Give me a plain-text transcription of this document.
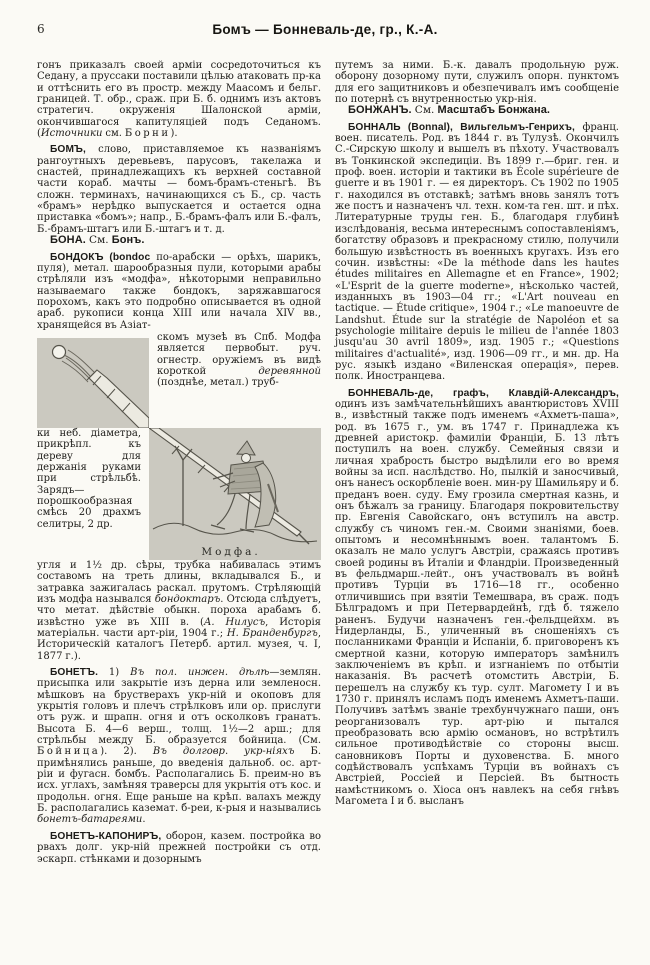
6	Бомъ — Бонневаль-де, гр., К.-А.

гонъ приказалъ своей арміи сосредоточиться къ Седану, а пруссаки поставили цѣлью атаковать пр-ка и оттѣснить его въ простр. между Маасомъ и бельг. границей. Т. обр., сраж. при Б. б. однимъ изъ актовъ стратегич. окруженія Шалонской арміи, окончившагося капитуляціей подъ Седаномъ. (Источники см. Борни).

БОМЪ, слово, приставляемое къ названіямъ рангоутныхъ деревьевъ, парусовъ, такелажа и снастей, принадлежащихъ къ верхней составной части кораб. мачты — бомъ-брамъ-стеньгѣ. Въ сложн. терминахъ, начинающихся съ Б., ср. часть «брамъ» нерѣдко выпускается и остается одна приставка «бомъ»; напр., Б.-брамъ-фалъ или Б.-фалъ, Б.-брамъ-штагъ или Б.-штагъ и т. д.

БОНА. См. Бонъ.

БОНДОКЪ (bondoc по-арабски — орѣхъ, шарикъ, пуля), метал. шарообразныя пули, которыми арабы стрѣляли изъ «модфа», нѣкоторыми неправильно называемаго также бондокъ, заряжавшагося порохомъ, какъ это подробно описывается въ одной араб. рукописи конца XIII или начала XIV вв., хранящейся въ Азіат-

скомъ музеѣ въ Спб. Модфа является первобыт. руч. огнестр. оружіемъ въ видѣ короткой деревянной (позднѣе, метал.) труб-

ки неб. діаметра, прикрѣпл. къ дереву для держанія руками при стрѣльбѣ. Зарядъ—порошкообразная смѣсь 20 драхмъ селитры, 2 др.

Модфа.

угля и 1½ др. сѣры, трубка набивалась этимъ составомъ на треть длины, вкладывался Б., и затравка зажигалась раскал. прутомъ. Стрѣляющій изъ модфа назывался бондоктаръ. Отсюда слѣдуетъ, что метат. дѣйствіе обыкн. пороха арабамъ б. извѣстно уже въ XIII в. (А. Нилусъ, Исторія матеріальн. части арт-ріи, 1904 г.; Н. Бранденбургъ, Историческій каталогъ Петерб. артил. музея, ч. I, 1877 г.).

БОНЕТЪ. 1) Въ пол. инжен. дѣлѣ—землян. присыпка или закрытіе изъ дерна или земленосн. мѣшковъ на брустверахъ укр-ній и окоповъ для укрытія головъ и плечъ стрѣлковъ или ор. прислуги отъ руж. и шрапн. огня и отъ осколковъ гранатъ. Высота Б. 4—6 верш., толщ. 1½—2 арш.; для стрѣльбы между Б. образуется бойница. (См. Бойница). 2). Въ долговр. укр-ніяхъ Б. примѣнялись раньше, до введенія дальноб. ос. арт-ріи и фугасн. бомбъ. Располагались Б. преим-но въ исх. углахъ, замѣняя траверсы для укрытія отъ кос. и продольн. огня. Еще раньше на крѣп. валахъ между Б. располагались каземат. б-реи, к-рыя и назывались бонетъ-батареями.

БОНЕТЪ-КАПОНИРЪ, оборон, казем. постройка во рвахъ долг. укр-ній прежней постройки съ отд. эскарп. стѣнками и дозорнымъ

путемъ за ними. Б.-к. давалъ продольную руж. оборону дозорному пути, служилъ опорн. пунктомъ для его защитниковъ и обезпечивалъ имъ сообщеніе по потернѣ съ внутренностью укр-нія.

БОНЖАНЪ. См. Масштабъ Бонжана.

БОННАЛЬ (Bonnal), Вильгельмъ-Генрихъ, франц. воен. писатель. Род. въ 1844 г. въ Тулузѣ. Окончилъ С.-Сирскую школу и вышелъ въ пѣхоту. Участвовалъ въ Тонкинской экспедиціи. Въ 1899 г.—бриг. ген. и проф. воен. исторіи и тактики въ École supérieure de guerre и въ 1901 г. — ея директоръ. Съ 1902 по 1905 г. находился въ отставкѣ; затѣмъ вновь занялъ тотъ же постъ и назначенъ чл. техн. ком-та ген. шт. и пѣх. Литературные труды ген. Б., благодаря глубинѣ изслѣдованія, весьма интереснымъ сопоставленіямъ, богатству образовъ и прекрасному стилю, получили большую извѣстность въ военныхъ кругахъ. Изъ его сочин. извѣстны: «De la méthode dans les hautes études militaires en Allemagne et en France», 1902; «L'Esprit de la guerre moderne», нѣсколько частей, изданныхъ въ 1903—04 гг.; «L'Art nouveau en tactique. — Étude critique», 1904 г.; «Le manoeuvre de Landshut. Étude sur la stratégie de Napoléon et sa psychologie militaire depuis le milieu de l'année 1803 jusqu'au 30 avril 1809», изд. 1905 г.; «Questions militaires d'actualité», изд. 1906—09 гг., и мн. др. На рус. языкѣ издано «Виленская операція», перев. полк. Иностранцева.

БОННЕВАЛЬ-де, графъ, Клавдій-Александръ, одинъ изъ замѣчательнѣйшихъ авантюристовъ XVIII в., извѣстный также подъ именемъ «Ахметъ-паша», род. въ 1675 г., ум. въ 1747 г. Принадлежа къ древней аристокр. фамиліи Франціи, Б. 13 лѣтъ поступилъ на воен. службу. Семейныя связи и личная храбрость быстро выдѣлили его во время войны за исп. наслѣдство. Но, пылкій и заносчивый, онъ нанесъ оскорбленіе воен. мин-ру Шамильяру и б. преданъ воен. суду. Ему грозила смертная казнь, и онъ бѣжалъ за границу. Благодаря покровительству пр. Евгенія Савойскаго, онъ вступилъ на австр. службу съ чиномъ ген.-м. Своими знаніями, боев. опытомъ и несомнѣннымъ воен. талантомъ Б. оказалъ не мало услугъ Австріи, сражаясь противъ своей родины въ Италіи и Фландріи. Произведенный въ фельдмарш.-лейт., онъ участвовалъ въ войнѣ противъ Турціи въ 1716—18 гг., особенно отличившись при взятіи Темешвара, въ сраж. подъ Бѣлградомъ и при Петервардейнѣ, гдѣ б. тяжело раненъ. Будучи назначенъ ген.-фельдцейхм. въ Нидерланды, Б., уличенный въ сношеніяхъ съ посланниками Франціи и Испаніи, б. приговоренъ къ смертной казни, которую императоръ замѣнилъ заключеніемъ въ крѣп. и изгнаніемъ по отбытіи наказанія. Въ расчетѣ отомстить Австріи, Б. перешелъ на службу къ тур. султ. Магомету I и въ 1730 г. принялъ исламъ подъ именемъ Ахметъ-паши. Получивъ затѣмъ званіе трехбунчужнаго паши, онъ реорганизовалъ тур. арт-рію и пытался преобразовать всю армію османовъ, но встрѣтилъ сильное противодѣйствіе со стороны высш. сановниковъ Порты и духовенства. Б. много содѣйствовалъ успѣхамъ Турціи въ войнахъ съ Австріей, Россіей и Персіей. Въ бытность намѣстникомъ о. Хіоса онъ навлекъ на себя гнѣвъ Магомета I и б. высланъ
